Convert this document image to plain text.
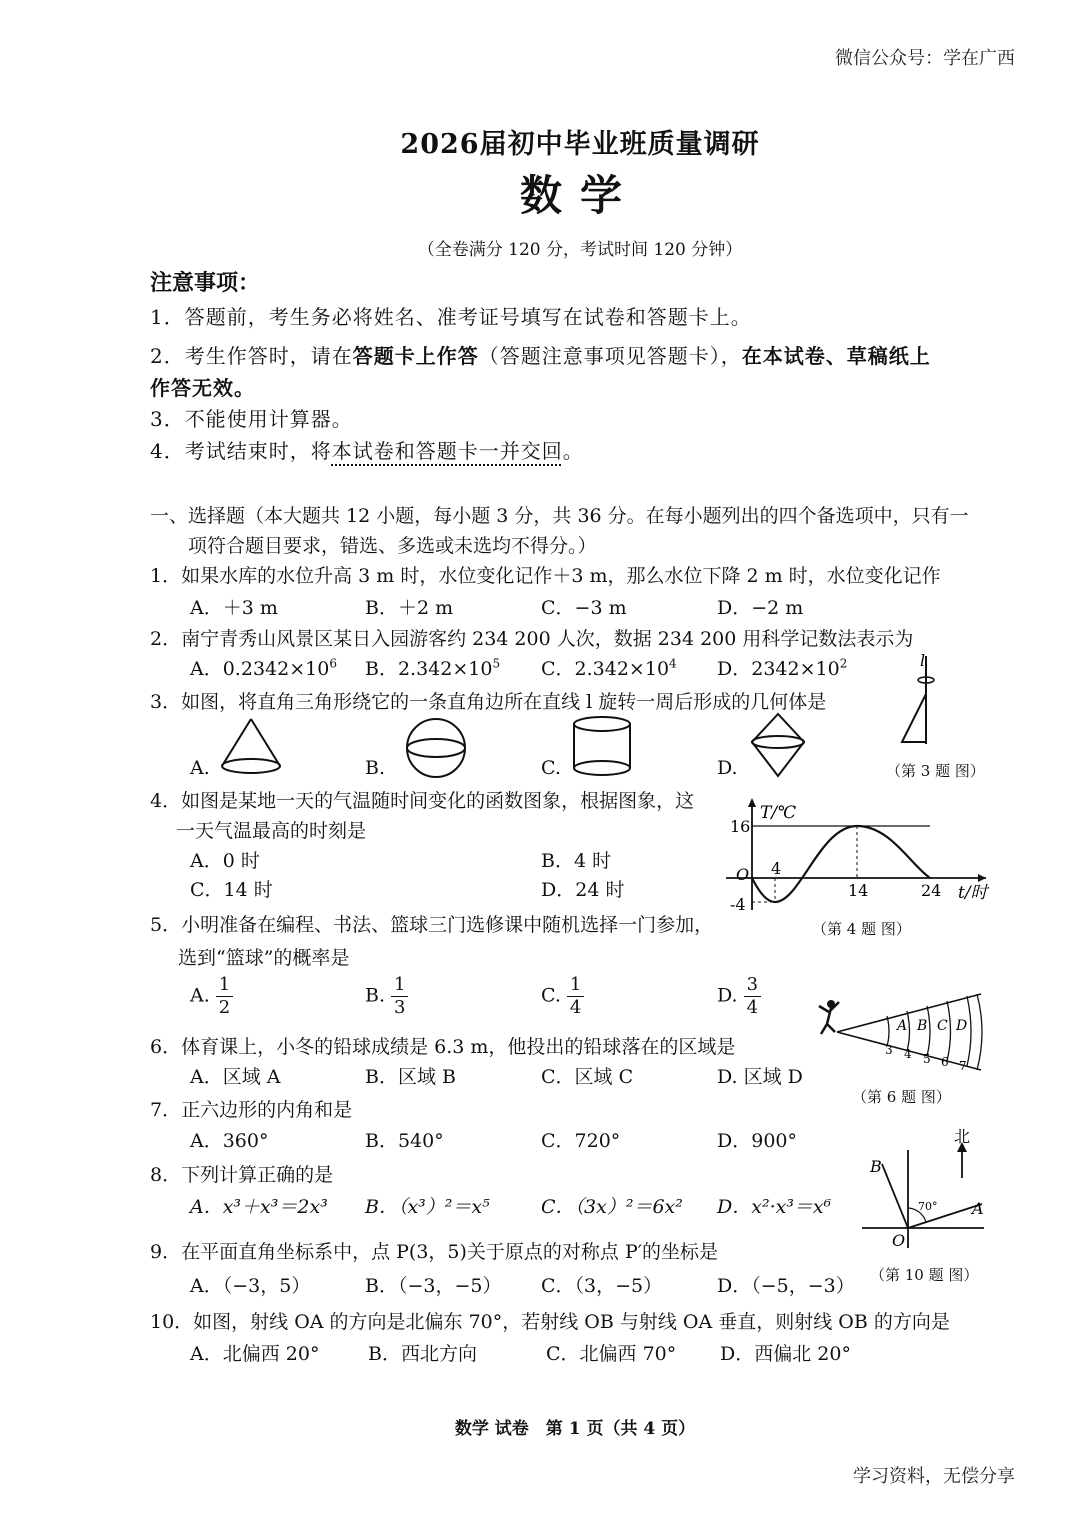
微信公众号：学在广西
学习资料，无偿分享
2026届初中毕业班质量调研
数学
（全卷满分 120 分，考试时间 120 分钟）
注意事项：
1．答题前，考生务必将姓名、准考证号填写在试卷和答题卡上。
2．考生作答时，请在答题卡上作答（答题注意事项见答题卡），在本试卷、草稿纸上
作答无效。
3．不能使用计算器。
4．考试结束时，将本试卷和答题卡一并交回。
一、选择题（本大题共 12 小题，每小题 3 分，共 36 分。在每小题列出的四个备选项中，只有一
项符合题目要求，错选、多选或未选均不得分。）
1．如果水库的水位升高 3 m 时，水位变化记作＋3 m，那么水位下降 2 m 时，水位变化记作
A．＋3 m	B．＋2 m	C．−3 m	D．−2 m
2．南宁青秀山风景区某日入园游客约 234 200 人次，数据 234 200 用科学记数法表示为
A．$0.2342\times 10^6$ B．$2.342\times 10^5$ C．$2.342\times 10^4$ D．$2342\times 10^2$
3．如图，将直角三角形绕它的一条直角边所在直线 l 旋转一周后形成的几何体是
A.	B.	C.	D.
l
（第 3 题 图）
4．如图是某地一天的气温随时间变化的函数图象，根据图象，这
一天气温最高的时刻是
A．0 时	B．4 时
C．14 时	D．24 时
T/℃
t/时
O
16
-4
4
14	24
（第 4 题 图）
5．小明准备在编程、书法、篮球三门选修课中随机选择一门参加，
选到“篮球”的概率是
A. $\frac{1}{2}$	B. $\frac{1}{3}$	C. $\frac{1}{4}$	D. $\frac{3}{4}$
6．体育课上，小冬的铅球成绩是 6.3 m，他投出的铅球落在的区域是
A．区域 A	B．区域 B	C．区域 C	D. 区域 D
A B C D
3 4 5 6 7
（第 6 题 图）
7．正六边形的内角和是
A．360°	B．540°	C．720°	D．900°
8．下列计算正确的是
A．x³＋x³＝2x³ B．（x³）²＝x⁵	C．（3x）²＝6x² D．x²·x³＝x⁶
北
B
A
O
70°
9．在平面直角坐标系中，点 P(3，5)关于原点的对称点 P′的坐标是
A．（−3，5）	B．（−3，−5） C．（3，−5）	D．（−5，−3） （第 10 题 图）
10．如图，射线 OA 的方向是北偏东 70°，若射线 OB 与射线 OA 垂直，则射线 OB 的方向是
A．北偏西 20°	B．西北方向	C．北偏西 70° D．西偏北 20°
数学 试卷　第 1 页（共 4 页）
